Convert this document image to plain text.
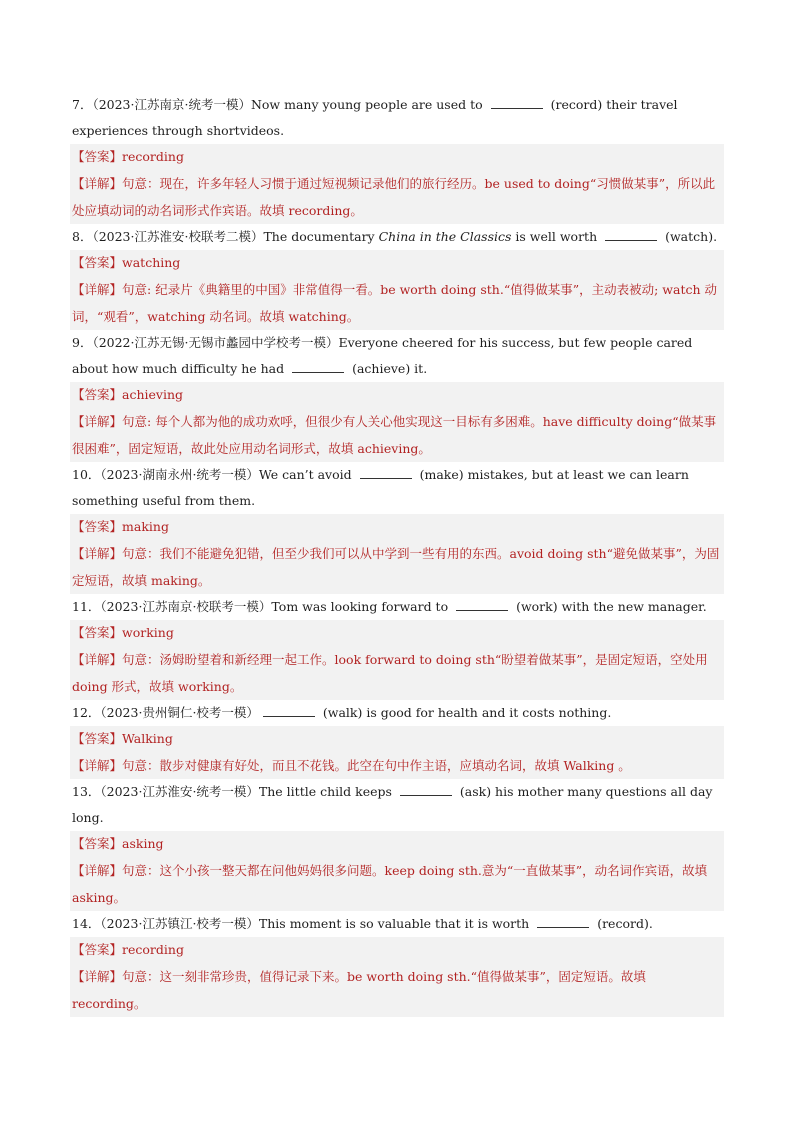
7．（2023·江苏南京·统考一模）Now many young people are used to	(record) their travel experiences through shortvideos.
【答案】recording
【详解】句意：现在，许多年轻人习惯于通过短视频记录他们的旅行经历。be used to doing“习惯做某事”，所以此处应填动词的动名词形式作宾语。故填 recording。
8．（2023·江苏淮安·校联考二模）The documentary China in the Classics is well worth	(watch).
【答案】watching
【详解】句意: 纪录片《典籍里的中国》非常值得一看。be worth doing sth.“值得做某事”，主动表被动; watch 动词，“观看”，watching 动名词。故填 watching。
9．（2022·江苏无锡·无锡市蠡园中学校考一模）Everyone cheered for his success, but few people cared about how much difficulty he had	(achieve) it.
【答案】achieving
【详解】句意: 每个人都为他的成功欢呼，但很少有人关心他实现这一目标有多困难。have difficulty doing“做某事很困难”，固定短语，故此处应用动名词形式，故填 achieving。
10．（2023·湖南永州·统考一模）We can’t avoid	(make) mistakes, but at least we can learn something useful from them.
【答案】making
【详解】句意：我们不能避免犯错，但至少我们可以从中学到一些有用的东西。avoid doing sth“避免做某事”，为固定短语，故填 making。
11．（2023·江苏南京·校联考一模）Tom was looking forward to	(work) with the new manager.
【答案】working
【详解】句意：汤姆盼望着和新经理一起工作。look forward to doing sth“盼望着做某事”，是固定短语，空处用 doing 形式，故填 working。
12．（2023·贵州铜仁·校考一模）	(walk) is good for health and it costs nothing.
【答案】Walking
【详解】句意：散步对健康有好处，而且不花钱。此空在句中作主语，应填动名词，故填 Walking 。
13．（2023·江苏淮安·统考一模）The little child keeps	(ask) his mother many questions all day long.
【答案】asking
【详解】句意：这个小孩一整天都在问他妈妈很多问题。keep doing sth.意为“一直做某事”，动名词作宾语，故填 asking。
14．（2023·江苏镇江·校考一模）This moment is so valuable that it is worth	(record).
【答案】recording
【详解】句意：这一刻非常珍贵，值得记录下来。be worth doing sth.“值得做某事”，固定短语。故填 recording。
